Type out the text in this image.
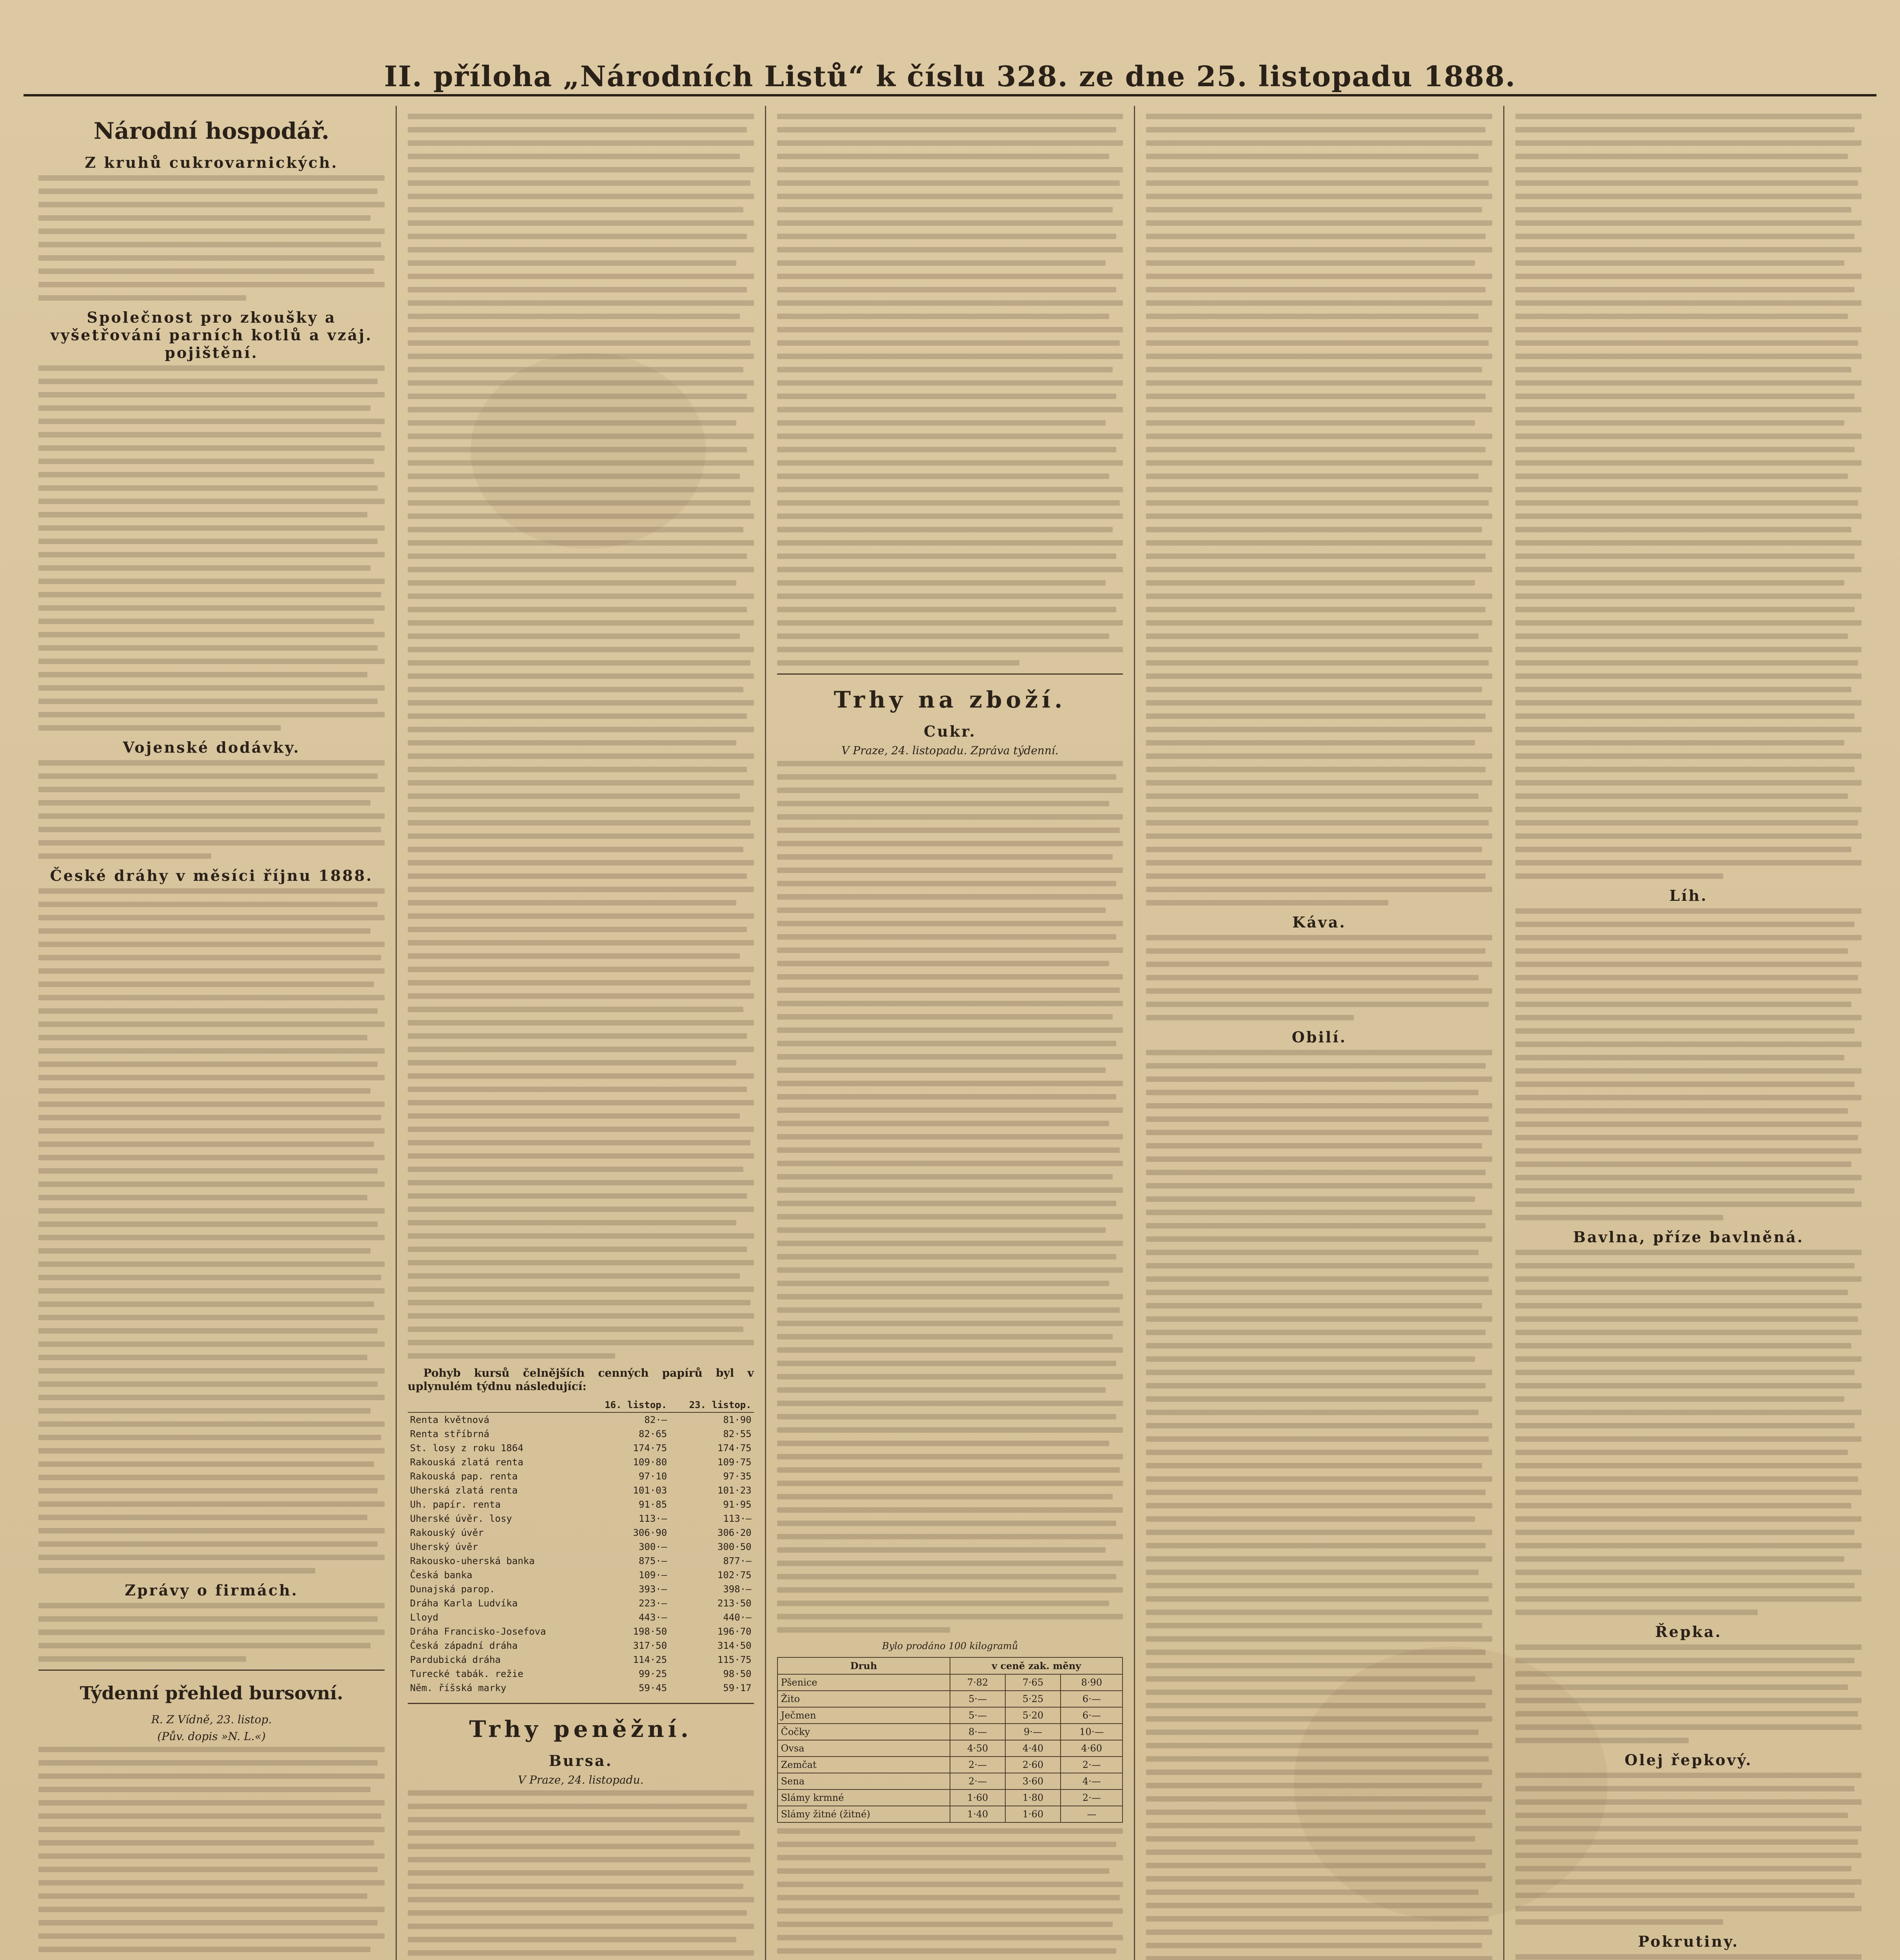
II. příloha „Národních Listů“ k číslu 328. ze dne 25. listopadu 1888.
Národní hospodář.
Z kruhů cukrovarnických.
Společnost pro zkoušky a vyšetřování parních kotlů a vzáj. pojištění.
Vojenské dodávky.
České dráhy v měsíci říjnu 1888.
Zprávy o firmách.
Týdenní přehled bursovní.
R. Z Vídně, 23. listop.
(Pův. dopis »N. L.«)
Pohyb kursů čelnějších cenných papírů byl v uplynulém týdnu následující:
	16. listop.	23. listop.
Renta květnová	82·—	81·90
Renta stříbrná	82·65	82·55
St. losy z roku 1864	174·75	174·75
Rakouská zlatá renta	109·80	109·75
Rakouská pap. renta	97·10	97·35
Uherská zlatá renta	101·03	101·23
Uh. papír. renta	91·85	91·95
Uherské úvěr. losy	113·—	113·—
Rakouský úvěr	306·90	306·20
Uherský úvěr	300·—	300·50
Rakousko-uherská banka	875·—	877·—
Česká banka	109·—	102·75
Dunajská parop.	393·—	398·—
Dráha Karla Ludvíka	223·—	213·50
Lloyd	443·—	440·—
Dráha Francisko-Josefova	198·50	196·70
Česká západní dráha	317·50	314·50
Pardubická dráha	114·25	115·75
Turecké tabák. režie	99·25	98·50
Něm. říšská marky	59·45	59·17
Trhy peněžní.
Bursa.
V Praze, 24. listopadu.
Trhy na zboží.
Cukr.
V Praze, 24. listopadu. Zpráva týdenní.
Bylo prodáno 100 kilogramů
Druh	v ceně zak. měny		
Pšenice	7·82	7·65	8·90
Žito	5·—	5·25	6·—
Ječmen	5·—	5·20	6·—
Čočky	8·—	9·—	10·—
Ovsa	4·50	4·40	4·60
Zemčat	2·—	2·60	2·—
Sena	2·—	3·60	4·—
Slámy krmné	1·60	1·80	2·—
Slámy žitné (žitné)	1·40	1·60	—
Káva.
Obilí.
Líh.
Bavlna, příze bavlněná.
Řepka.
Olej řepkový.
Pokrutiny.
